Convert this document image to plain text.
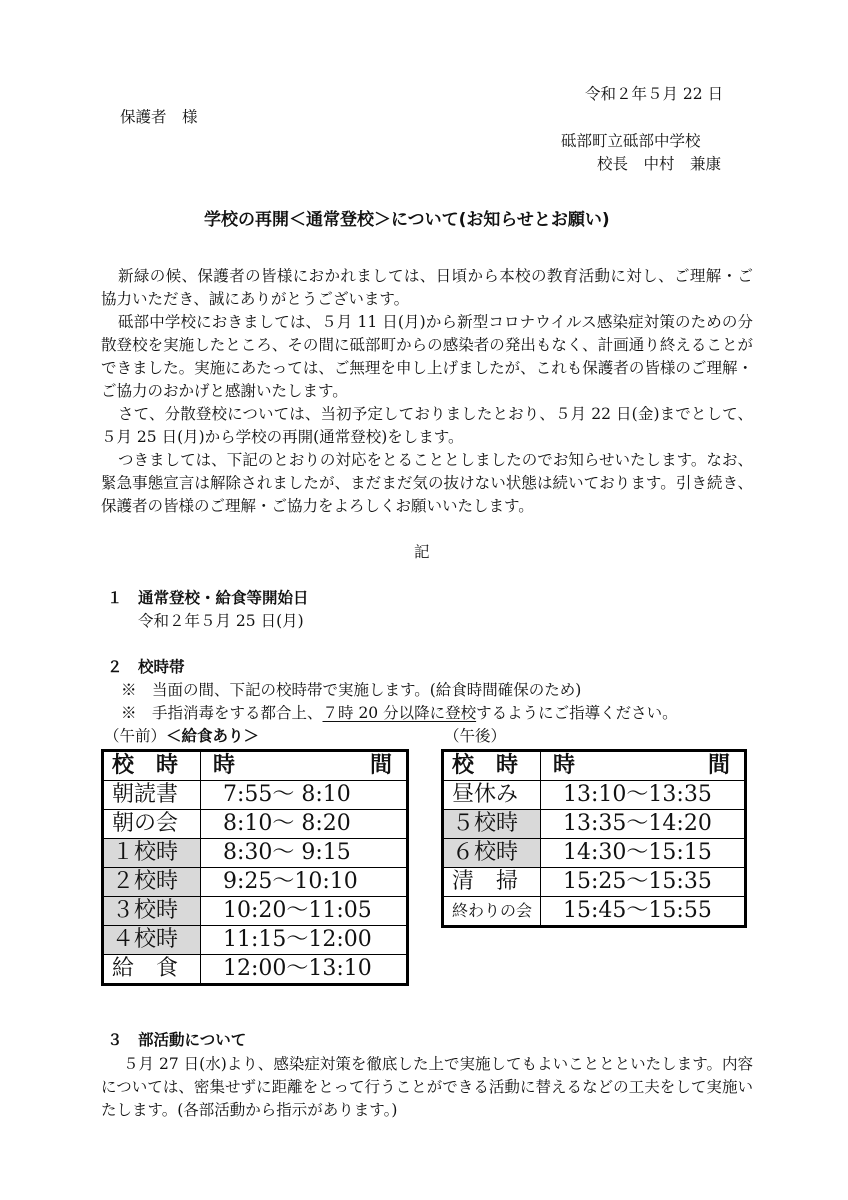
令和２年５月 22 日
保護者　様
砥部町立砥部中学校
校長　中村　兼康
学校の再開＜通常登校＞について(お知らせとお願い)

新緑の候、保護者の皆様におかれましては、日頃から本校の教育活動に対し、ご理解・ご協力いただき、誠にありがとうございます。

砥部中学校におきましては、５月 11 日(月)から新型コロナウイルス感染症対策のための分散登校を実施したところ、その間に砥部町からの感染者の発出もなく、計画通り終えることができました。実施にあたっては、ご無理を申し上げましたが、これも保護者の皆様のご理解・ご協力のおかげと感謝いたします。

さて、分散登校については、当初予定しておりましたとおり、５月 22 日(金)までとして、５月 25 日(月)から学校の再開(通常登校)をします。

つきましては、下記のとおりの対応をとることとしましたのでお知らせいたします。なお、緊急事態宣言は解除されましたが、まだまだ気の抜けない状態は続いております。引き続き、保護者の皆様のご理解・ご協力をよろしくお願いいたします。

記
１　通常登校・給食等開始日
令和２年５月 25 日(月)
２　校時帯
※　当面の間、下記の校時帯で実施します。(給食時間確保のため)
※　手指消毒をする都合上、７時 20 分以降に登校するようにご指導ください。
（午前）＜給食あり＞	（午後）
校　時	時 間

朝読書	7:55～ 8:10
朝の会	8:10～ 8:20
１校時	8:30～ 9:15
２校時	9:25～10:10
３校時	10:20～11:05
４校時	11:15～12:00
給　食	12:00～13:10
校　時	時 間

昼休み	13:10～13:35
５校時	13:35～14:20
６校時	14:30～15:15
清　掃	15:25～15:35
終わりの会	15:45～15:55
３　部活動について

５月 27 日(水)より、感染症対策を徹底した上で実施してもよいこととといたします。内容については、密集せずに距離をとって行うことができる活動に替えるなどの工夫をして実施いたします。(各部活動から指示があります。)
